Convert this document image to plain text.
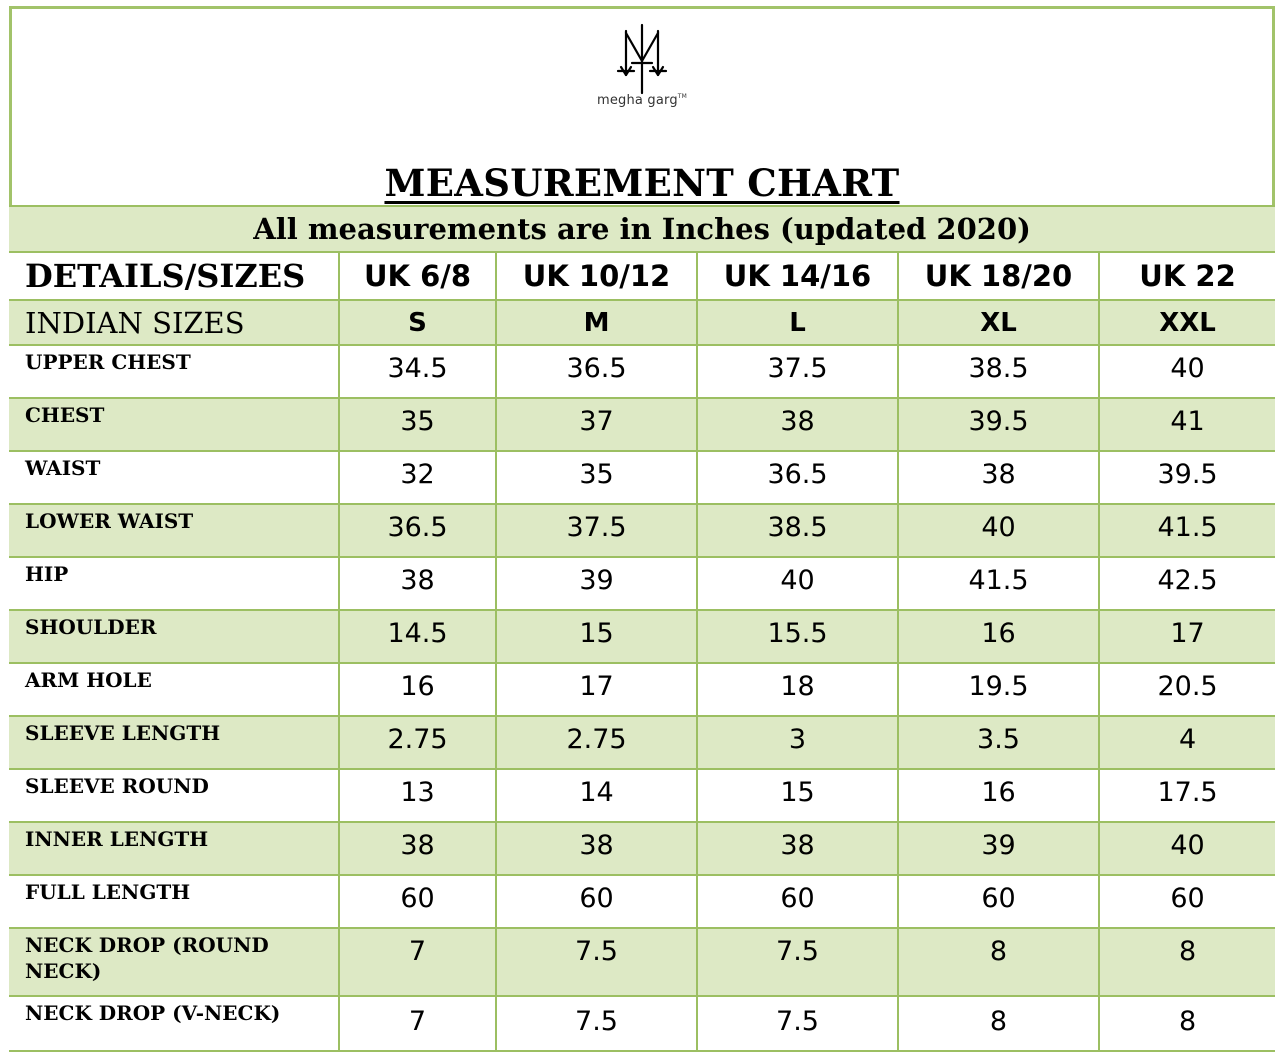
megha garg™
MEASUREMENT CHART
All measurements are in Inches (updated 2020)					
DETAILS/SIZES	UK 6/8	UK 10/12	UK 14/16	UK 18/20	UK 22
INDIAN SIZES	S	M	L	XL	XXL
UPPER CHEST	34.5	36.5	37.5	38.5	40
CHEST	35	37	38	39.5	41
WAIST	32	35	36.5	38	39.5
LOWER WAIST	36.5	37.5	38.5	40	41.5
HIP	38	39	40	41.5	42.5
SHOULDER	14.5	15	15.5	16	17
ARM HOLE	16	17	18	19.5	20.5
SLEEVE LENGTH	2.75	2.75	3	3.5	4
SLEEVE ROUND	13	14	15	16	17.5
INNER LENGTH	38	38	38	39	40
FULL LENGTH	60	60	60	60	60
NECK DROP (ROUND NECK)	7	7.5	7.5	8	8
NECK DROP (V-NECK)	7	7.5	7.5	8	8
